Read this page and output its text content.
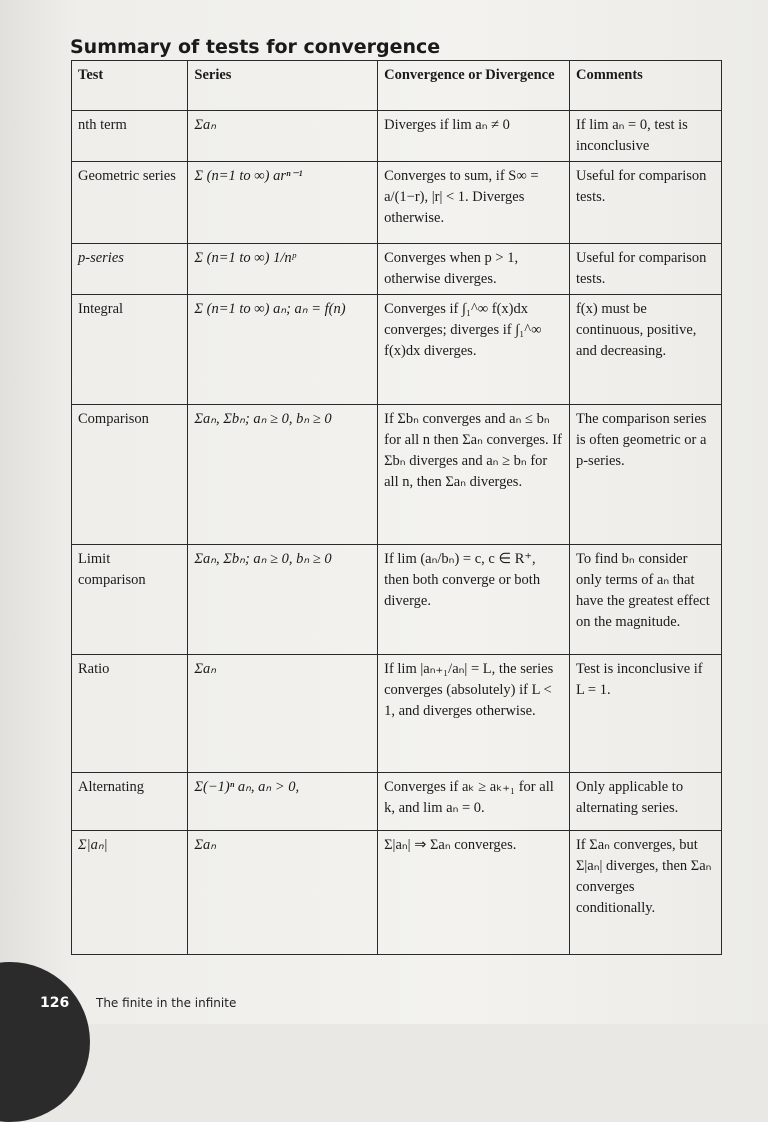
Summary of tests for convergence
Test	Series	Convergence or Divergence	Comments
nth term	Σaₙ	Diverges if lim aₙ ≠ 0	If lim aₙ = 0, test is inconclusive
Geometric series	Σ (n=1 to ∞) arⁿ⁻¹	Converges to sum, if S∞ = a/(1−r), |r| < 1. Diverges otherwise.	Useful for comparison tests.
p-series	Σ (n=1 to ∞) 1/nᵖ	Converges when p > 1, otherwise diverges.	Useful for comparison tests.
Integral	Σ (n=1 to ∞) aₙ; aₙ = f(n)	Converges if ∫₁^∞ f(x)dx converges; diverges if ∫₁^∞ f(x)dx diverges.	f(x) must be continuous, positive, and decreasing.
Comparison	Σaₙ, Σbₙ; aₙ ≥ 0, bₙ ≥ 0	If Σbₙ converges and aₙ ≤ bₙ for all n then Σaₙ converges. If Σbₙ diverges and aₙ ≥ bₙ for all n, then Σaₙ diverges.	The comparison series is often geometric or a p-series.
Limit comparison	Σaₙ, Σbₙ; aₙ ≥ 0, bₙ ≥ 0	If lim (aₙ/bₙ) = c, c ∈ R⁺, then both converge or both diverge.	To find bₙ consider only terms of aₙ that have the greatest effect on the magnitude.
Ratio	Σaₙ	If lim |aₙ₊₁/aₙ| = L, the series converges (absolutely) if L < 1, and diverges otherwise.	Test is inconclusive if L = 1.
Alternating	Σ(−1)ⁿ aₙ, aₙ > 0,	Converges if aₖ ≥ aₖ₊₁ for all k, and lim aₙ = 0.	Only applicable to alternating series.
Σ|aₙ|	Σaₙ	Σ|aₙ| ⇒ Σaₙ converges.	If Σaₙ converges, but Σ|aₙ| diverges, then Σaₙ converges conditionally.
126 The finite in the infinite
